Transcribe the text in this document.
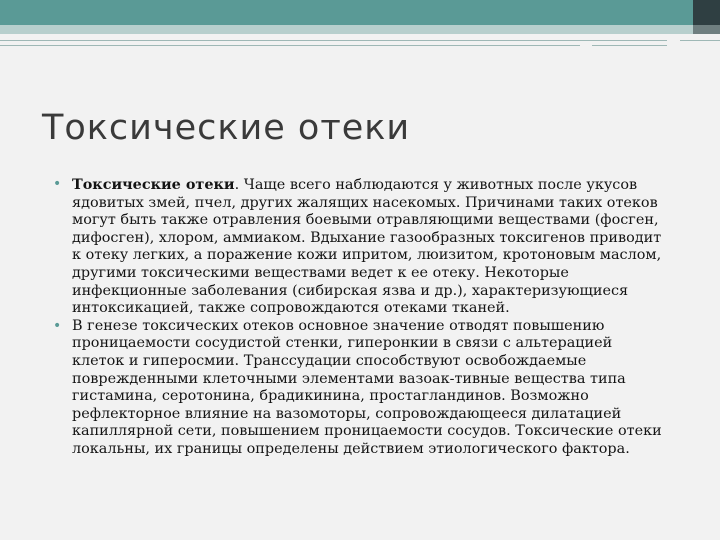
Токсические отеки
• Токсические отеки. Чаще всего наблюдаются у животных после укусов ядовитых змей, пчел, других жалящих насекомых. Причинами таких отеков могут быть также отравления боевыми отравляющими веществами (фосген, дифосген), хлором, аммиаком. Вдыхание газообразных токсигенов приводит к отеку легких, а поражение кожи ипритом, люизитом, кротоновым маслом, другими токсическими веществами ведет к ее отеку. Некоторые инфекционные заболевания (сибирская язва и др.), характеризующиеся интоксикацией, также сопровождаются отеками тканей.
• В генезе токсических отеков основное значение отводят повышению проницаемости сосудистой стенки, гиперонкии в связи с альтерацией клеток и гиперосмии. Транссудации способствуют освобождаемые поврежденными клеточными элементами вазоак-тивные вещества типа гистамина, серотонина, брадикинина, простагландинов. Возможно рефлекторное влияние на вазомоторы, сопровождающееся дилатацией капиллярной сети, повышением проницаемости сосудов. Токсические отеки локальны, их границы определены действием этиологического фактора.
